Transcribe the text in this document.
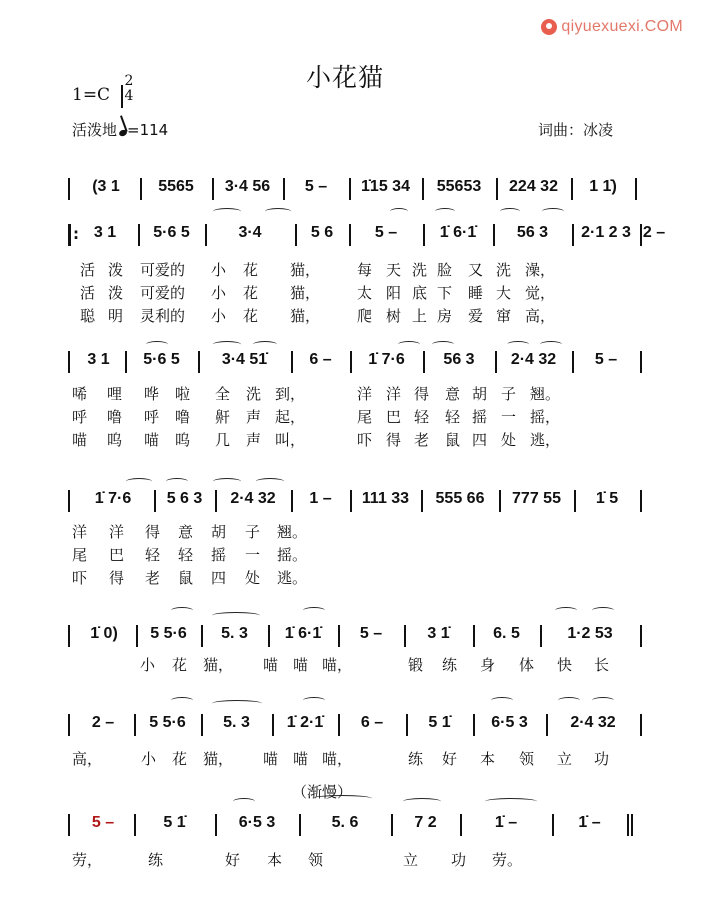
qiyuexuexi.COM
小花猫
1=C
2
4
活泼地 =114	词曲：冰凌
(3 1	5565	3·4 56	5 –	1̇15 34	55653	224 32	1 1̇)
3 1	5·6 5	3·4	5 6	5 –	1̇ 6·1̇	56 3	2·1 2 3 2 –
:
3 1	5·6 5	3·4 51̇	6 –	1̇ 7·6	56 3	2·4 32	5 –
1̇ 7·6	5 6 3	2·4 32	1 –	111 33	555 66	777 55	1̇ 5
1̇ 0)	5 5·6	5. 3	1̇ 6·1̇	5 –	3 1̇	6. 5	1·2 53
2 –	5 5·6	5. 3	1̇ 2·1̇	6 –	5 1̇	6·5 3	2·4 32
5 –	5 1̇	6·5 3	5. 6	7 2	1̇ –	1̇ –
活 泼 可爱的 小 花 猫， 每 天 洗 脸 又 洗 澡，
活 泼 可爱的 小 花 猫， 太 阳 底 下 睡 大 觉，
聪 明 灵利的 小 花 猫， 爬 树 上 房 爱 窜 高，
唏 哩 哗 啦 全 洗 到，	洋 洋 得 意 胡 子 翘。
呼 噜 呼 噜 鼾 声 起，	尾 巴 轻 轻 摇 一 摇，
喵 呜 喵 呜 几 声 叫，	吓 得 老 鼠 四 处 逃，
洋 洋 得 意 胡 子 翘。
尾 巴 轻 轻 摇 一 摇。
吓 得 老 鼠 四 处 逃。
小 花 猫， 喵 喵 喵，	锻 练 身 体 快 长
高，	小 花 猫， 喵 喵 喵，	练 好 本 领 立 功
劳，	练	好 本 领	立 功 劳。
（渐慢）
